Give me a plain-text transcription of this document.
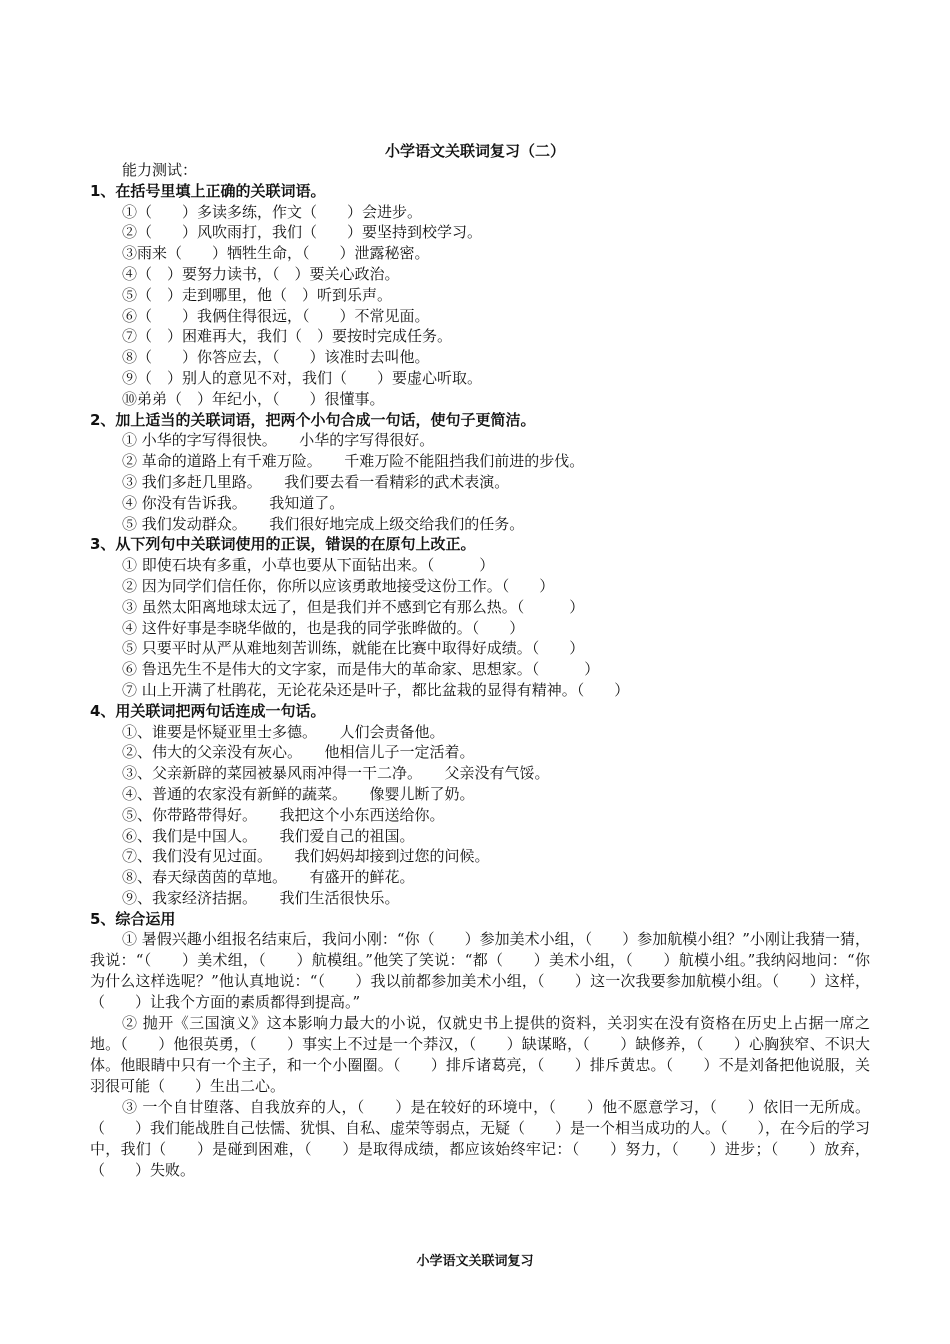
小学语文关联词复习（二）
能力测试：
1、在括号里填上正确的关联词语。
①（　　）多读多练，作文（　　）会进步。
②（　　）风吹雨打，我们（　　）要坚持到校学习。
③雨来（　　）牺牲生命，（　　）泄露秘密。
④（　）要努力读书，（　）要关心政治。
⑤（　）走到哪里，他（　）听到乐声。
⑥（　　）我俩住得很远，（　　）不常见面。
⑦（　）困难再大，我们（　）要按时完成任务。
⑧（　　）你答应去，（　　）该准时去叫他。
⑨（　）别人的意见不对，我们（　　）要虚心听取。
⑩弟弟（　）年纪小，（　　）很懂事。
2、加上适当的关联词语，把两个小句合成一句话，使句子更简洁。
① 小华的字写得很快。　　小华的字写得很好。
② 革命的道路上有千难万险。　　千难万险不能阻挡我们前进的步伐。
③ 我们多赶几里路。　　我们要去看一看精彩的武术表演。
④ 你没有告诉我。　　我知道了。
⑤ 我们发动群众。　　我们很好地完成上级交给我们的任务。
3、从下列句中关联词使用的正误，错误的在原句上改正。
① 即使石块有多重，小草也要从下面钻出来。（　　　）
② 因为同学们信任你，你所以应该勇敢地接受这份工作。（　　）
③ 虽然太阳离地球太远了，但是我们并不感到它有那么热。（　　　）
④ 这件好事是李晓华做的，也是我的同学张晔做的。（　　）
⑤ 只要平时从严从难地刻苦训练，就能在比赛中取得好成绩。（　　）
⑥ 鲁迅先生不是伟大的文字家，而是伟大的革命家、思想家。（　　　）
⑦ 山上开满了杜鹃花，无论花朵还是叶子，都比盆栽的显得有精神。（　　）
4、用关联词把两句话连成一句话。
①、谁要是怀疑亚里士多德。　　人们会责备他。
②、伟大的父亲没有灰心。　　他相信儿子一定活着。
③、父亲新辟的菜园被暴风雨冲得一干二净。　　父亲没有气馁。
④、普通的农家没有新鲜的蔬菜。　　像婴儿断了奶。
⑤、你带路带得好。　　我把这个小东西送给你。
⑥、我们是中国人。　　我们爱自己的祖国。
⑦、我们没有见过面。　　我们妈妈却接到过您的问候。
⑧、春天绿茵茵的草地。　　有盛开的鲜花。
⑨、我家经济拮据。　　我们生活很快乐。
5、综合运用

① 暑假兴趣小组报名结束后，我问小刚：“你（　　）参加美术小组，（　　）参加航模小组？”小刚让我猜一猜，我说：“（　　）美术组，（　　）航模组。”他笑了笑说：“都（　　）美术小组，（　　）航模小组。”我纳闷地问：“你为什么这样选呢？”他认真地说：“（　　）我以前都参加美术小组，（　　）这一次我要参加航模小组。（　　）这样，（　　）让我个方面的素质都得到提高。”

② 抛开《三国演义》这本影响力最大的小说，仅就史书上提供的资料，关羽实在没有资格在历史上占据一席之地。（　　）他很英勇，（　　）事实上不过是一个莽汉，（　　）缺谋略，（　　）缺修养，（　　）心胸狭窄、不识大体。他眼睛中只有一个主子，和一个小圈圈。（　　）排斥诸葛亮，（　　）排斥黄忠。（　　）不是刘备把他说服，关羽很可能（　　）生出二心。

③ 一个自甘堕落、自我放弃的人，（　　）是在较好的环境中，（　　）他不愿意学习，（　　）依旧一无所成。（　　）我们能战胜自己怯懦、犹惧、自私、虚荣等弱点，无疑（　　）是一个相当成功的人。（　　），在今后的学习中，我们（　　）是碰到困难，（　　）是取得成绩，都应该始终牢记：（　　）努力，（　　）进步；（　　）放弃，（　　）失败。

小学语文关联词复习
